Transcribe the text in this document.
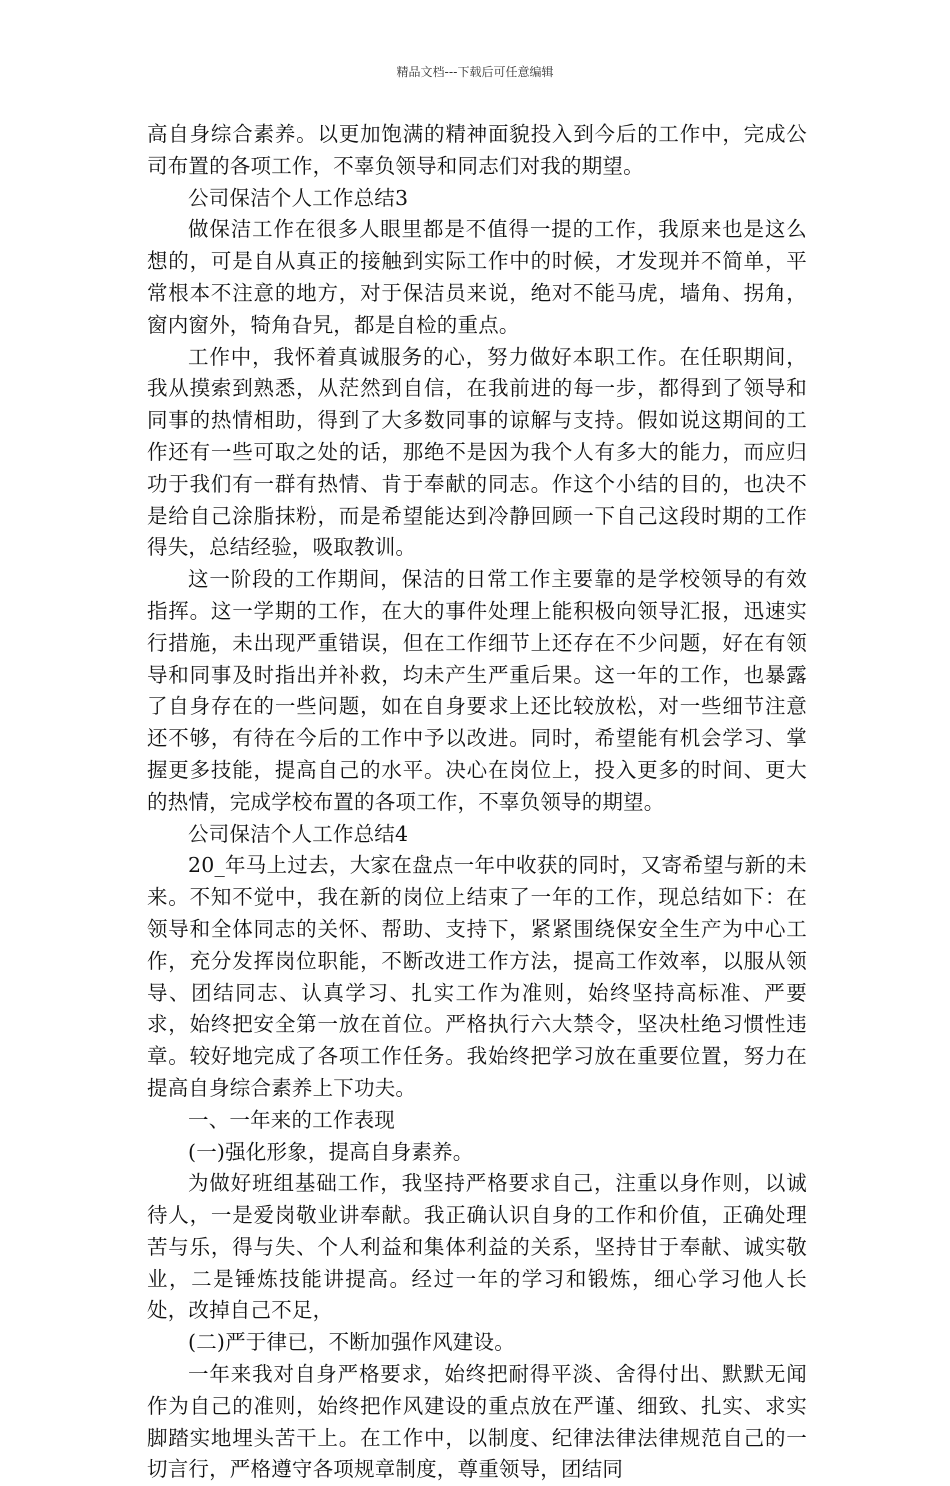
精品文档---下载后可任意编辑

高自身综合素养。以更加饱满的精神面貌投入到今后的工作中，完成公司布置的各项工作，不辜负领导和同志们对我的期望。

公司保洁个人工作总结3

做保洁工作在很多人眼里都是不值得一提的工作，我原来也是这么想的，可是自从真正的接触到实际工作中的时候，才发现并不简单，平常根本不注意的地方，对于保洁员来说，绝对不能马虎，墙角、拐角，窗内窗外，犄角旮旯，都是自检的重点。

工作中，我怀着真诚服务的心，努力做好本职工作。在任职期间，我从摸索到熟悉，从茫然到自信，在我前进的每一步，都得到了领导和同事的热情相助，得到了大多数同事的谅解与支持。假如说这期间的工作还有一些可取之处的话，那绝不是因为我个人有多大的能力，而应归功于我们有一群有热情、肯于奉献的同志。作这个小结的目的，也决不是给自己涂脂抹粉，而是希望能达到冷静回顾一下自己这段时期的工作得失，总结经验，吸取教训。

这一阶段的工作期间，保洁的日常工作主要靠的是学校领导的有效指挥。这一学期的工作，在大的事件处理上能积极向领导汇报，迅速实行措施，未出现严重错误，但在工作细节上还存在不少问题，好在有领导和同事及时指出并补救，均未产生严重后果。这一年的工作，也暴露了自身存在的一些问题，如在自身要求上还比较放松，对一些细节注意还不够，有待在今后的工作中予以改进。同时，希望能有机会学习、掌握更多技能，提高自己的水平。决心在岗位上，投入更多的时间、更大的热情，完成学校布置的各项工作，不辜负领导的期望。

公司保洁个人工作总结4

20_年马上过去，大家在盘点一年中收获的同时，又寄希望与新的未来。不知不觉中，我在新的岗位上结束了一年的工作，现总结如下：在领导和全体同志的关怀、帮助、支持下，紧紧围绕保安全生产为中心工作，充分发挥岗位职能，不断改进工作方法，提高工作效率，以服从领导、团结同志、认真学习、扎实工作为准则，始终坚持高标准、严要求，始终把安全第一放在首位。严格执行六大禁令，坚决杜绝习惯性违章。较好地完成了各项工作任务。我始终把学习放在重要位置，努力在提高自身综合素养上下功夫。

一、一年来的工作表现

(一)强化形象，提高自身素养。

为做好班组基础工作，我坚持严格要求自己，注重以身作则，以诚待人，一是爱岗敬业讲奉献。我正确认识自身的工作和价值，正确处理苦与乐，得与失、个人利益和集体利益的关系，坚持甘于奉献、诚实敬业，二是锤炼技能讲提高。经过一年的学习和锻炼，细心学习他人长处，改掉自己不足，

(二)严于律已，不断加强作风建设。

一年来我对自身严格要求，始终把耐得平淡、舍得付出、默默无闻作为自己的准则，始终把作风建设的重点放在严谨、细致、扎实、求实脚踏实地埋头苦干上。在工作中，以制度、纪律法律法律规范自己的一切言行，严格遵守各项规章制度，尊重领导，团结同
